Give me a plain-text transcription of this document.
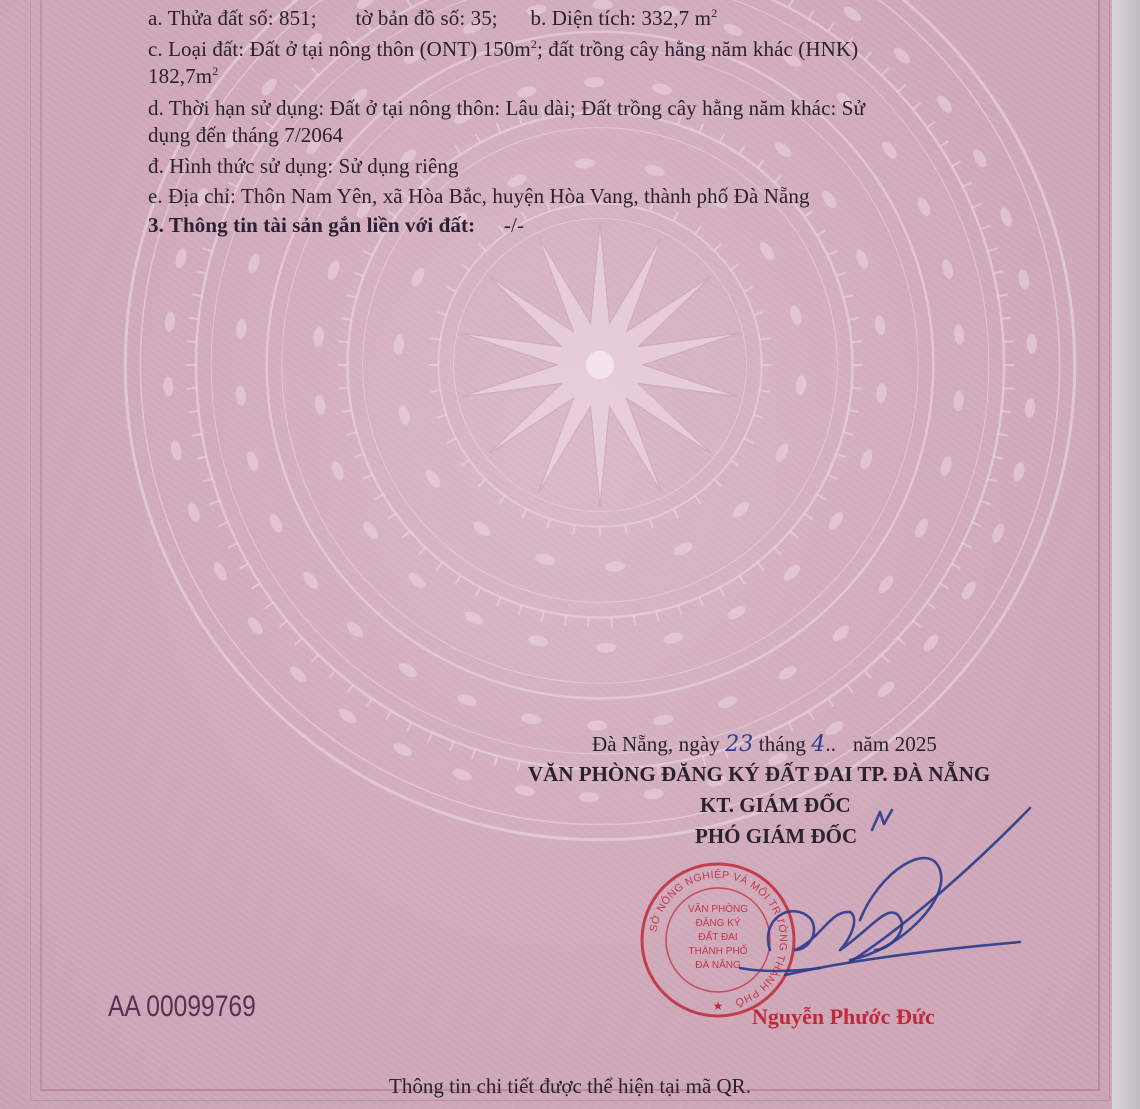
a. Thửa đất số: 851; tờ bản đồ số: 35; b. Diện tích: 332,7 $m^2$
c. Loại đất: Đất ở tại nông thôn (ONT) $150m^2$; đất trồng cây hằng năm khác (HNK)
$182,7m^2$
d. Thời hạn sử dụng: Đất ở tại nông thôn: Lâu dài; Đất trồng cây hằng năm khác: Sử
dụng đến tháng 7/2064
đ. Hình thức sử dụng: Sử dụng riêng
e. Địa chỉ: Thôn Nam Yên, xã Hòa Bắc, huyện Hòa Vang, thành phố Đà Nẵng
3. Thông tin tài sản gắn liền với đất: -/-
Đà Nẵng, ngày 23 tháng 4.. năm 2025
VĂN PHÒNG ĐĂNG KÝ ĐẤT ĐAI TP. ĐÀ NẴNG
KT. GIÁM ĐỐC
PHÓ GIÁM ĐỐC
AA 00099769
SỞ NÔNG NGHIỆP VÀ MÔI TRƯỜNG THÀNH PHỐ
VĂN PHÒNG
ĐĂNG KÝ
ĐẤT ĐAI
THÀNH PHỐ
ĐÀ NẴNG
★ Nguyễn Phước Đức
Thông tin chi tiết được thể hiện tại mã QR.
